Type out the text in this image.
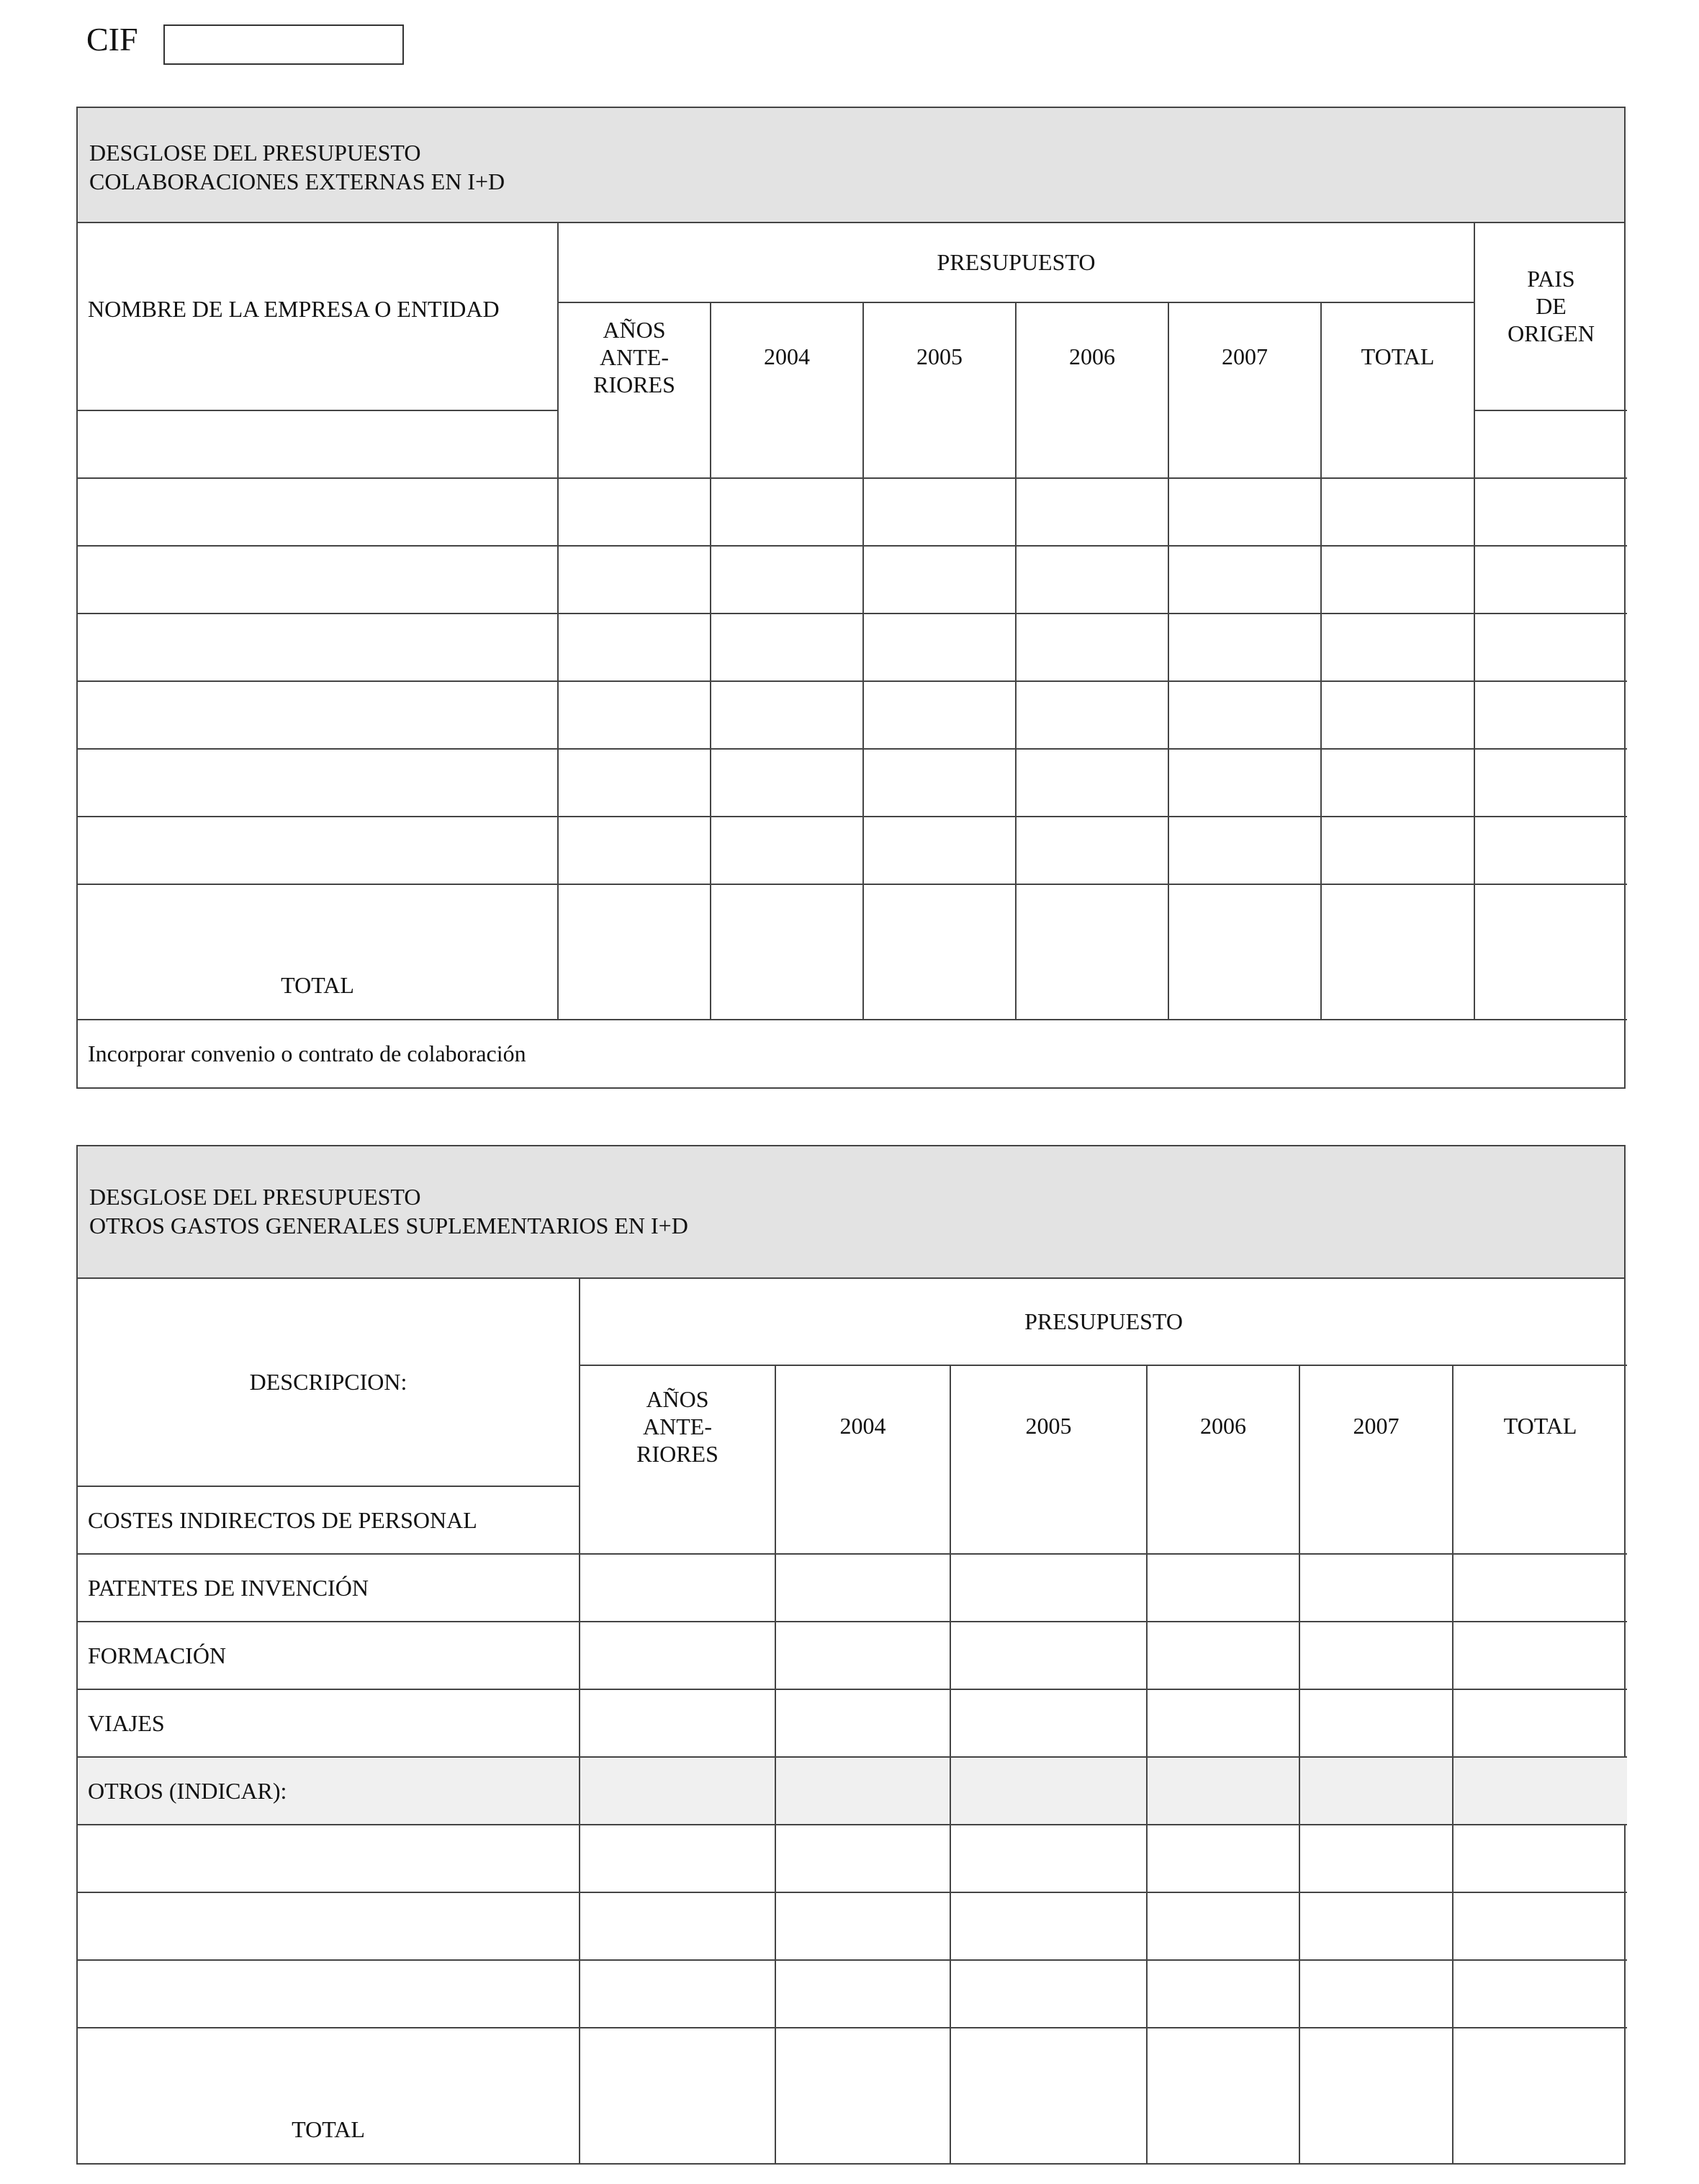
CIF
DESGLOSE DEL PRESUPUESTO
COLABORACIONES EXTERNAS EN I+D
NOMBRE DE LA EMPRESA O ENTIDAD	PRESUPUESTO						PAIS
DE
ORIGEN

	AÑOS
ANTE-
RIORES	2004	2005	2006	2007	TOTAL	

TOTAL							
Incorporar convenio o contrato de colaboración							
DESGLOSE DEL PRESUPUESTO
OTROS GASTOS GENERALES SUPLEMENTARIOS EN I+D
DESCRIPCION:	PRESUPUESTO					

	AÑOS
ANTE-
RIORES	2004	2005	2006	2007	TOTAL
COSTES INDIRECTOS DE PERSONAL						
PATENTES DE INVENCIÓN						
FORMACIÓN						
VIAJES						
OTROS (INDICAR):						

TOTAL						
